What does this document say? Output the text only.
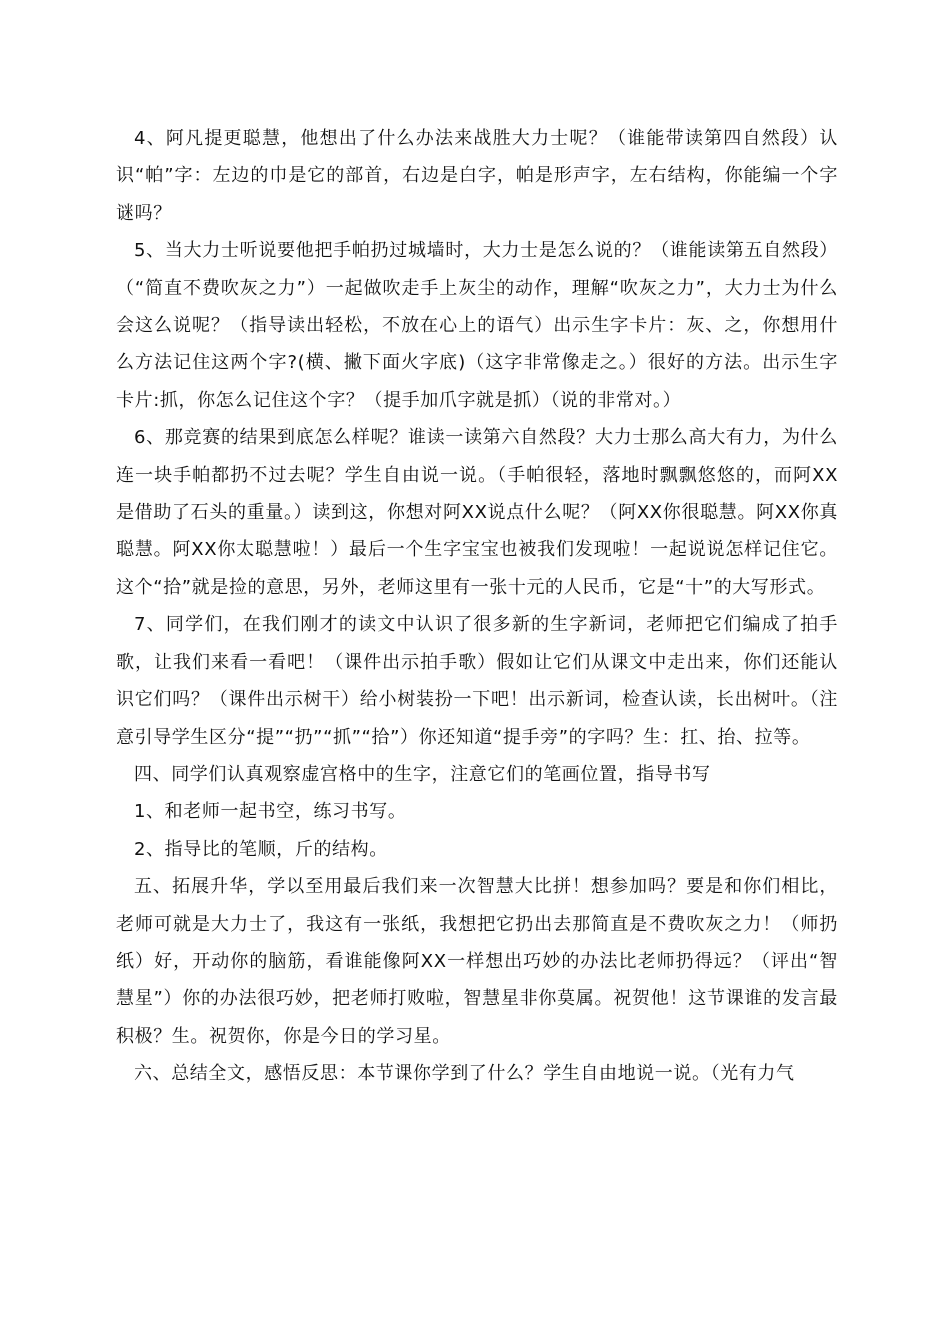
4、阿凡提更聪慧，他想出了什么办法来战胜大力士呢？（谁能带读第四自然段）认识“帕”字：左边的巾是它的部首，右边是白字，帕是形声字，左右结构，你能编一个字谜吗？

5、当大力士听说要他把手帕扔过城墙时，大力士是怎么说的？（谁能读第五自然段）（“简直不费吹灰之力”）一起做吹走手上灰尘的动作，理解“吹灰之力”，大力士为什么会这么说呢？（指导读出轻松，不放在心上的语气）出示生字卡片：灰、之，你想用什么方法记住这两个字?(横、撇下面火字底)（这字非常像走之。）很好的方法。出示生字卡片:抓，你怎么记住这个字？（提手加爪字就是抓）（说的非常对。）

6、那竞赛的结果到底怎么样呢？谁读一读第六自然段？大力士那么高大有力，为什么连一块手帕都扔不过去呢？学生自由说一说。（手帕很轻，落地时飘飘悠悠的，而阿XX是借助了石头的重量。）读到这，你想对阿XX说点什么呢？（阿XX你很聪慧。阿XX你真聪慧。阿XX你太聪慧啦！）最后一个生字宝宝也被我们发现啦！一起说说怎样记住它。这个“拾”就是捡的意思，另外，老师这里有一张十元的人民币，它是“十”的大写形式。

7、同学们，在我们刚才的读文中认识了很多新的生字新词，老师把它们编成了拍手歌，让我们来看一看吧！（课件出示拍手歌）假如让它们从课文中走出来，你们还能认识它们吗？（课件出示树干）给小树装扮一下吧！出示新词，检查认读，长出树叶。（注意引导学生区分“提”“扔”“抓”“拾”）你还知道“提手旁”的字吗？生：扛、抬、拉等。

四、同学们认真观察虚宫格中的生字，注意它们的笔画位置，指导书写

1、和老师一起书空，练习书写。

2、指导比的笔顺，斤的结构。

五、拓展升华，学以至用最后我们来一次智慧大比拼！想参加吗？要是和你们相比，老师可就是大力士了，我这有一张纸，我想把它扔出去那简直是不费吹灰之力！（师扔纸）好，开动你的脑筋，看谁能像阿XX一样想出巧妙的办法比老师扔得远？（评出“智慧星”）你的办法很巧妙，把老师打败啦，智慧星非你莫属。祝贺他！这节课谁的发言最积极？生。祝贺你，你是今日的学习星。

六、总结全文，感悟反思：本节课你学到了什么？学生自由地说一说。（光有力气
